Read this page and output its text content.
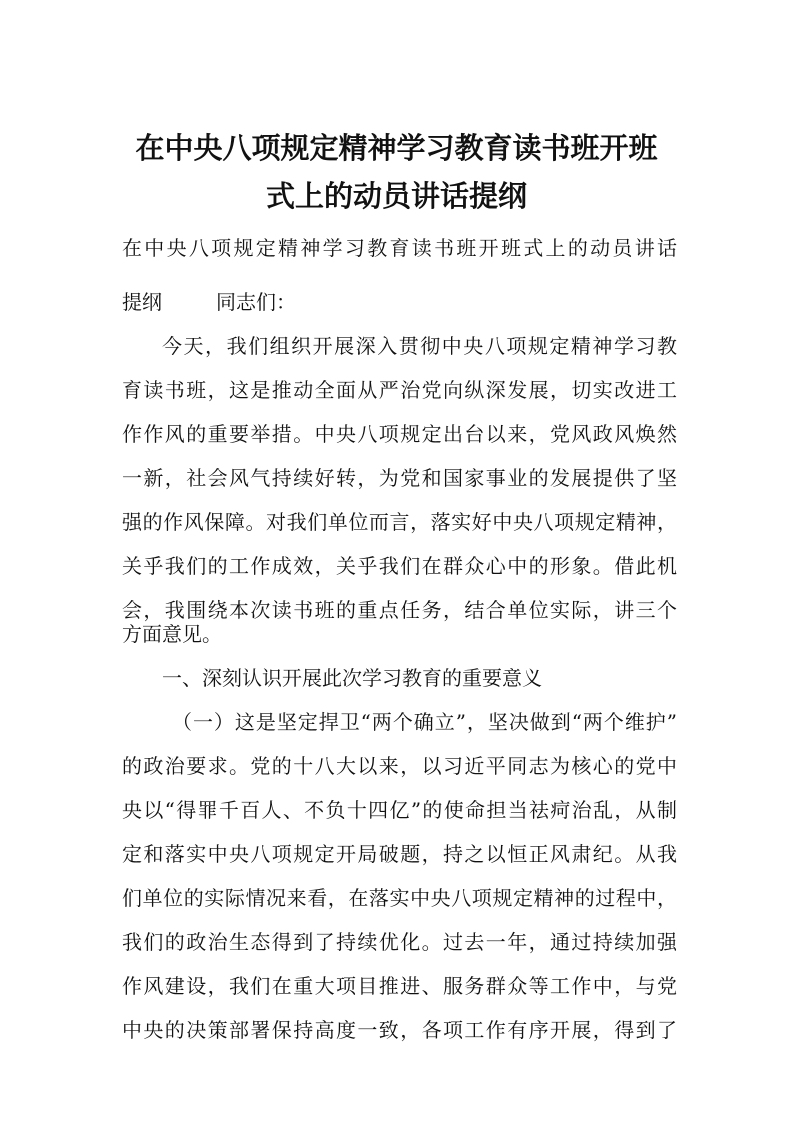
在中央八项规定精神学习教育读书班开班
式上的动员讲话提纲
在中央八项规定精神学习教育读书班开班式上的动员讲话
提纲	同志们：
今天，我们组织开展深入贯彻中央八项规定精神学习教
育读书班，这是推动全面从严治党向纵深发展，切实改进工
作作风的重要举措。中央八项规定出台以来，党风政风焕然
一新，社会风气持续好转，为党和国家事业的发展提供了坚
强的作风保障。对我们单位而言，落实好中央八项规定精神，
关乎我们的工作成效，关乎我们在群众心中的形象。借此机
会，我围绕本次读书班的重点任务，结合单位实际，讲三个
方面意见。
一、深刻认识开展此次学习教育的重要意义
（一）这是坚定捍卫“两个确立”，坚决做到“两个维护”
的政治要求。党的十八大以来，以习近平同志为核心的党中
央以“得罪千百人、不负十四亿”的使命担当祛疴治乱，从制
定和落实中央八项规定开局破题，持之以恒正风肃纪。从我
们单位的实际情况来看，在落实中央八项规定精神的过程中，
我们的政治生态得到了持续优化。过去一年，通过持续加强
作风建设，我们在重大项目推进、服务群众等工作中，与党
中央的决策部署保持高度一致，各项工作有序开展，得到了
